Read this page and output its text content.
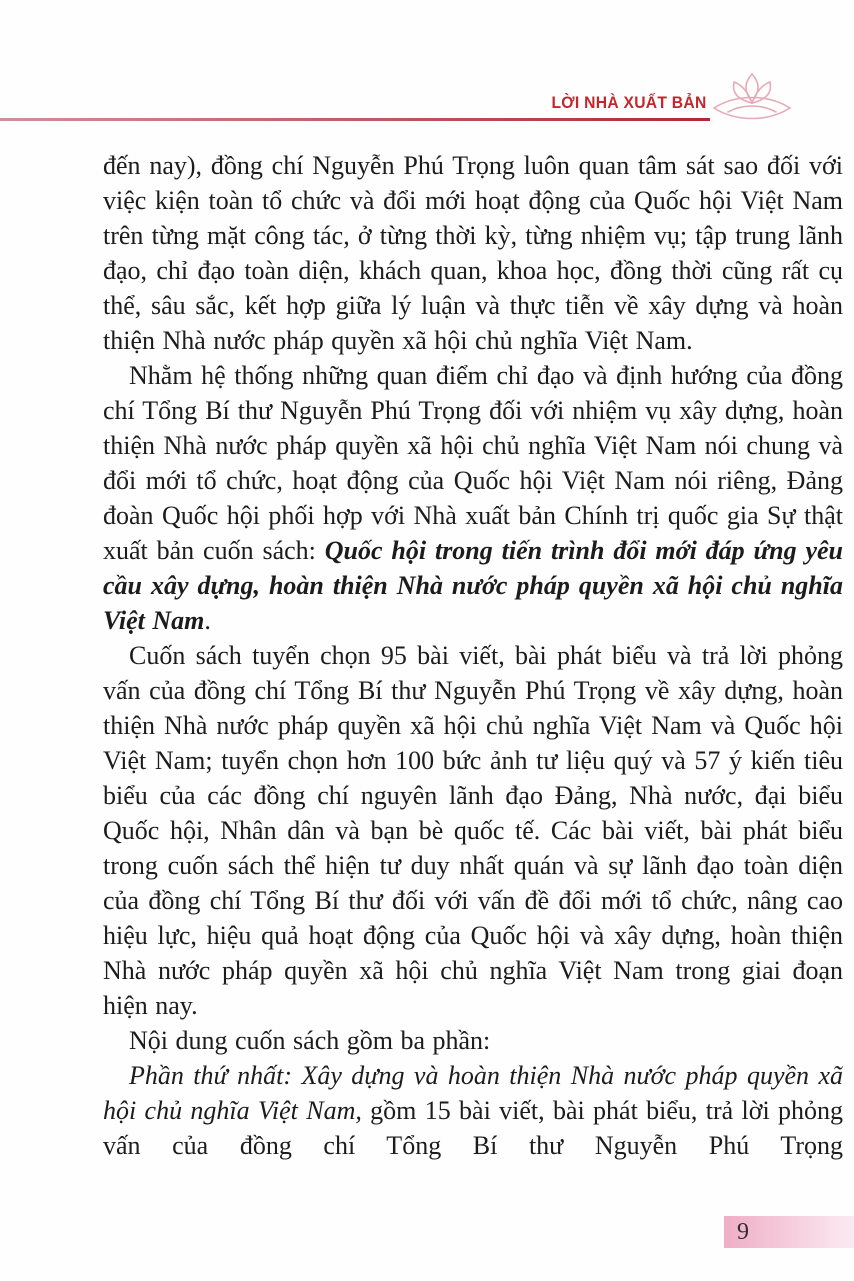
LỜI NHÀ XUẤT BẢN

đến nay), đồng chí Nguyễn Phú Trọng luôn quan tâm sát sao đối với việc kiện toàn tổ chức và đổi mới hoạt động của Quốc hội Việt Nam trên từng mặt công tác, ở từng thời kỳ, từng nhiệm vụ; tập trung lãnh đạo, chỉ đạo toàn diện, khách quan, khoa học, đồng thời cũng rất cụ thể, sâu sắc, kết hợp giữa lý luận và thực tiễn về xây dựng và hoàn thiện Nhà nước pháp quyền xã hội chủ nghĩa Việt Nam.

Nhằm hệ thống những quan điểm chỉ đạo và định hướng của đồng chí Tổng Bí thư Nguyễn Phú Trọng đối với nhiệm vụ xây dựng, hoàn thiện Nhà nước pháp quyền xã hội chủ nghĩa Việt Nam nói chung và đổi mới tổ chức, hoạt động của Quốc hội Việt Nam nói riêng, Đảng đoàn Quốc hội phối hợp với Nhà xuất bản Chính trị quốc gia Sự thật xuất bản cuốn sách: Quốc hội trong tiến trình đổi mới đáp ứng yêu cầu xây dựng, hoàn thiện Nhà nước pháp quyền xã hội chủ nghĩa Việt Nam.

Cuốn sách tuyển chọn 95 bài viết, bài phát biểu và trả lời phỏng vấn của đồng chí Tổng Bí thư Nguyễn Phú Trọng về xây dựng, hoàn thiện Nhà nước pháp quyền xã hội chủ nghĩa Việt Nam và Quốc hội Việt Nam; tuyển chọn hơn 100 bức ảnh tư liệu quý và 57 ý kiến tiêu biểu của các đồng chí nguyên lãnh đạo Đảng, Nhà nước, đại biểu Quốc hội, Nhân dân và bạn bè quốc tế. Các bài viết, bài phát biểu trong cuốn sách thể hiện tư duy nhất quán và sự lãnh đạo toàn diện của đồng chí Tổng Bí thư đối với vấn đề đổi mới tổ chức, nâng cao hiệu lực, hiệu quả hoạt động của Quốc hội và xây dựng, hoàn thiện Nhà nước pháp quyền xã hội chủ nghĩa Việt Nam trong giai đoạn hiện nay.

Nội dung cuốn sách gồm ba phần:

Phần thứ nhất: Xây dựng và hoàn thiện Nhà nước pháp quyền xã hội chủ nghĩa Việt Nam, gồm 15 bài viết, bài phát biểu, trả lời phỏng vấn của đồng chí Tổng Bí thư Nguyễn Phú Trọng

9
